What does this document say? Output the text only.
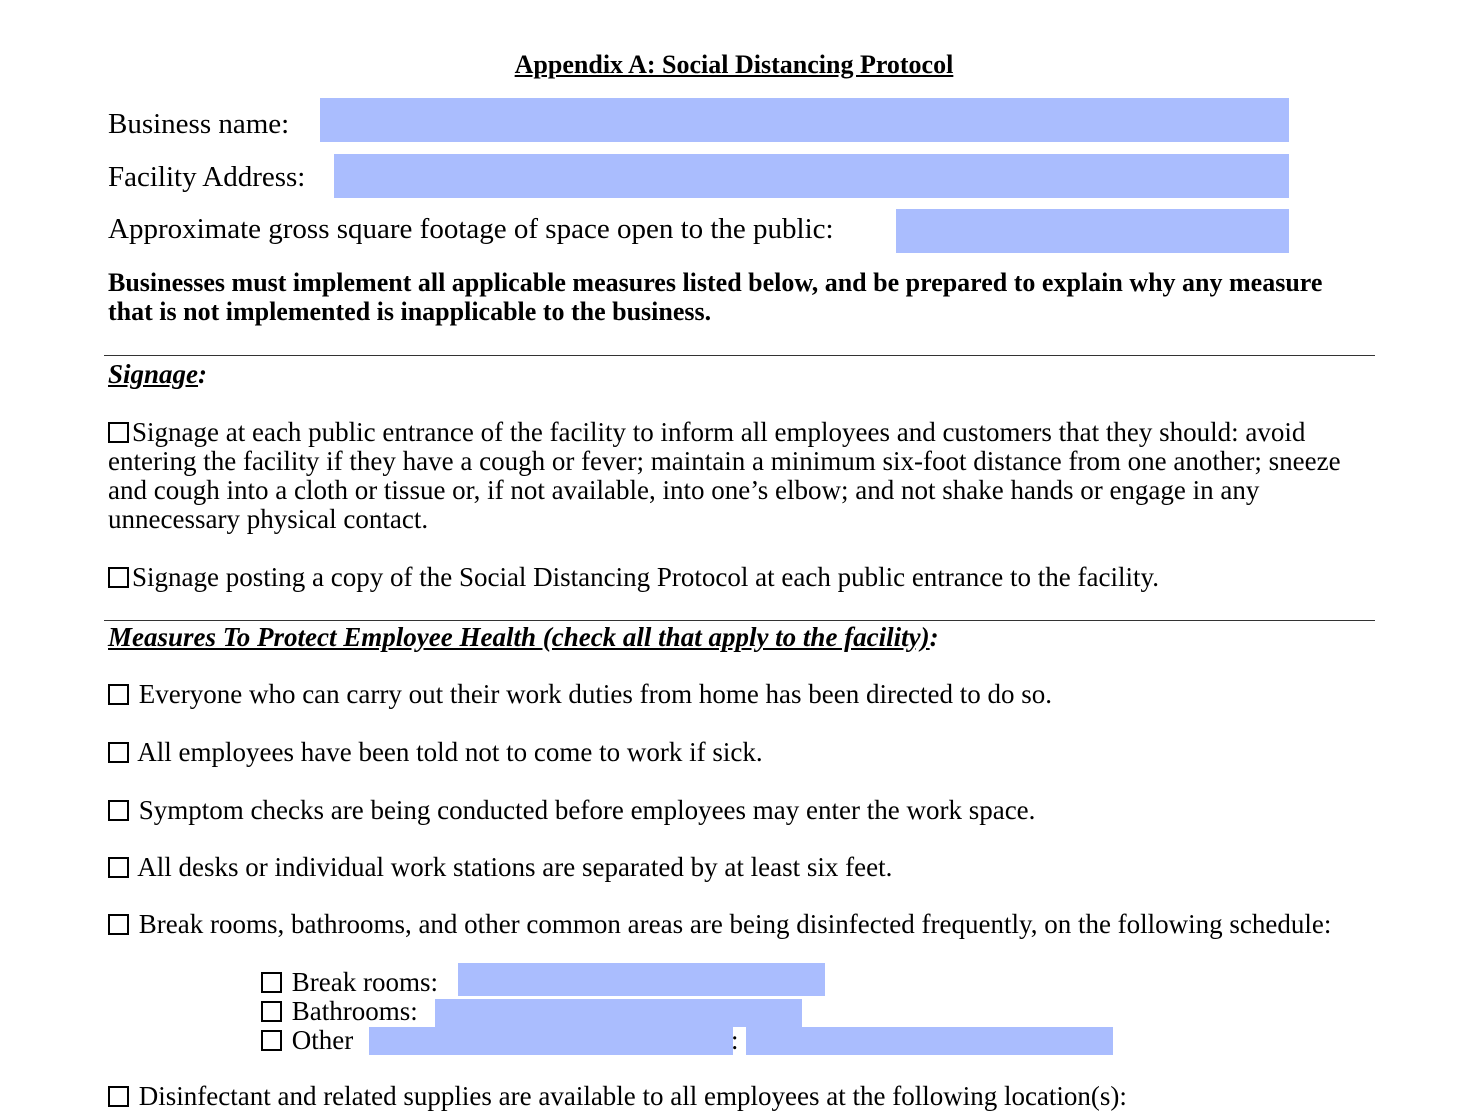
Appendix A: Social Distancing Protocol
Business name:
Facility Address:
Approximate gross square footage of space open to the public:
Businesses must implement all applicable measures listed below, and be prepared to explain why any measure that is not implemented is inapplicable to the business.
Signage:
Signage at each public entrance of the facility to inform all employees and customers that they should: avoid entering the facility if they have a cough or fever; maintain a minimum six-foot distance from one another; sneeze and cough into a cloth or tissue or, if not available, into one’s elbow; and not shake hands or engage in any unnecessary physical contact.
Signage posting a copy of the Social Distancing Protocol at each public entrance to the facility.
Measures To Protect Employee Health (check all that apply to the facility):
Everyone who can carry out their work duties from home has been directed to do so.
All employees have been told not to come to work if sick.
Symptom checks are being conducted before employees may enter the work space.
All desks or individual work stations are separated by at least six feet.
Break rooms, bathrooms, and other common areas are being disinfected frequently, on the following schedule:
Break rooms:
Bathrooms:
Other	:
Disinfectant and related supplies are available to all employees at the following location(s):
